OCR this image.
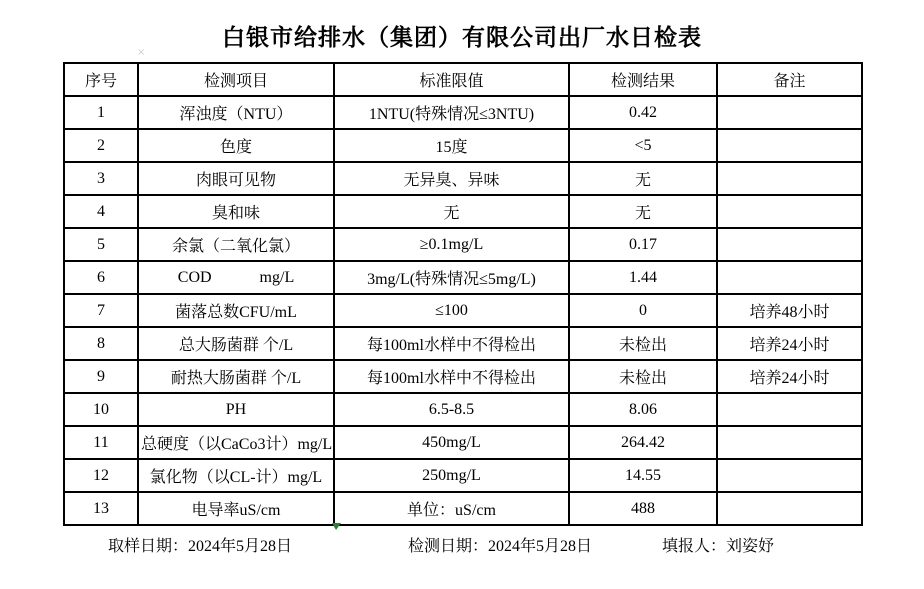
白银市给排水（集团）有限公司出厂水日检表
×
序号	检测项目	标准限值	检测结果	备注
1	浑浊度（NTU）	1NTU(特殊情况≤3NTU)	0.42	
2	色度	15度	<5	
3	肉眼可见物	无异臭、异味	无	
4	臭和味	无	无	
5	余氯（二氧化氯）	≥0.1mg/L	0.17	
6	COD            mg/L	3mg/L(特殊情况≤5mg/L)	1.44	
7	菌落总数CFU/mL	≤100	0	培养48小时
8	总大肠菌群 个/L	每100ml水样中不得检出	未检出	培养24小时
9	耐热大肠菌群 个/L	每100ml水样中不得检出	未检出	培养24小时
10	PH	6.5-8.5	8.06	
11	总硬度（以CaCo3计）mg/L	450mg/L	264.42	
12	氯化物（以CL-计）mg/L	250mg/L	14.55	
13	电导率uS/cm	单位：uS/cm	488	
取样日期：2024年5月28日	检测日期：2024年5月28日	填报人：刘姿妤
